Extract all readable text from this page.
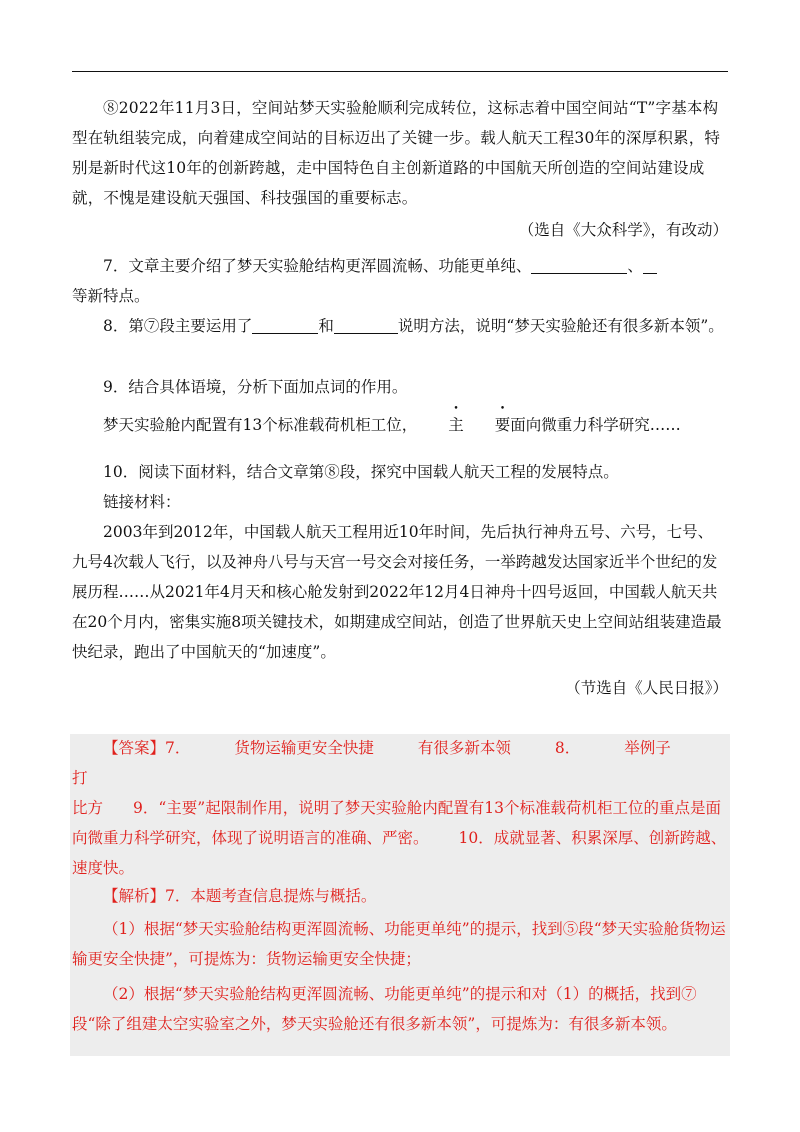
⑧2022年11月3日，空间站梦天实验舱顺利完成转位，这标志着中国空间站“T”字基本构型在轨组装完成，向着建成空间站的目标迈出了关键一步。载人航天工程30年的深厚积累，特别是新时代这10年的创新跨越，走中国特色自主创新道路的中国航天所创造的空间站建设成就，不愧是建设航天强国、科技强国的重要标志。

（选自《大众科学》，有改动）

7．文章主要介绍了梦天实验舱结构更浑圆流畅、功能更单纯、	、
等新特点。

8．第⑦段主要运用了	和	说明方法，说明“梦天实验舱还有很多新本领”。

9．结合具体语境，分析下面加点词的作用。

梦天实验舱内配置有13个标准载荷机柜工位， 主 要面向微重力科学研究……

10．阅读下面材料，结合文章第⑧段，探究中国载人航天工程的发展特点。

链接材料：

2003年到2012年，中国载人航天工程用近10年时间，先后执行神舟五号、六号，七号、九号4次载人飞行，以及神舟八号与天宫一号交会对接任务，一举跨越发达国家近半个世纪的发展历程……从2021年4月天和核心舱发射到2022年12月4日神舟十四号返回，中国载人航天共在20个月内，密集实施8项关键技术，如期建成空间站，创造了世界航天史上空间站组装建造最快纪录，跑出了中国航天的“加速度”。

（节选自《人民日报》）

【答案】7．	货物运输更安全快捷	有很多新本领	8．	举例子打
比方 9．“主要”起限制作用，说明了梦天实验舱内配置有13个标准载荷机柜工位的重点是面向微重力科学研究，体现了说明语言的准确、严密。 10．成就显著、积累深厚、创新跨越、速度快。

【解析】7．本题考查信息提炼与概括。

（1）根据“梦天实验舱结构更浑圆流畅、功能更单纯”的提示，找到⑤段“梦天实验舱货物运输更安全快捷”，可提炼为：货物运输更安全快捷；

（2）根据“梦天实验舱结构更浑圆流畅、功能更单纯”的提示和对（1）的概括，找到⑦段“除了组建太空实验室之外，梦天实验舱还有很多新本领”，可提炼为：有很多新本领。
